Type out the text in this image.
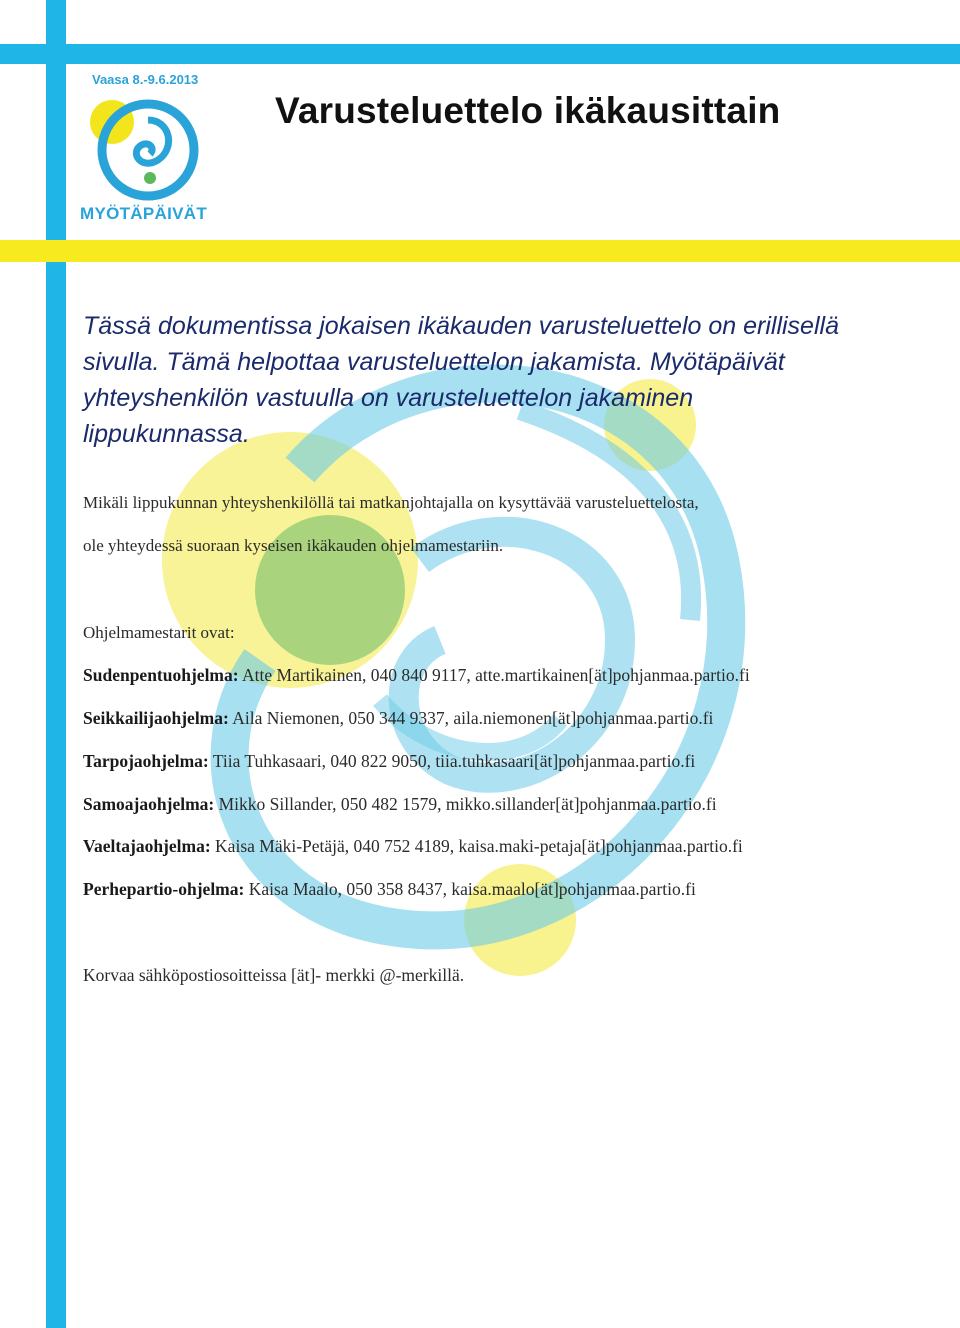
Vaasa 8.-9.6.2013
MYÖTÄPÄIVÄT
Varusteluettelo ikäkausittain

Tässä dokumentissa jokaisen ikäkauden varusteluettelo on erillisellä sivulla. Tämä helpottaa varusteluettelon jakamista. Myötäpäivät yhteyshenkilön vastuulla on varusteluettelon jakaminen lippukunnassa.

Mikäli lippukunnan yhteyshenkilöllä tai matkanjohtajalla on kysyttävää varusteluettelosta,

ole yhteydessä suoraan kyseisen ikäkauden ohjelmamestariin.

Ohjelmamestarit ovat:

Sudenpentuohjelma: Atte Martikainen, 040 840 9117, atte.martikainen[ät]pohjanmaa.partio.fi

Seikkailijaohjelma: Aila Niemonen, 050 344 9337, aila.niemonen[ät]pohjanmaa.partio.fi

Tarpojaohjelma: Tiia Tuhkasaari, 040 822 9050, tiia.tuhkasaari[ät]pohjanmaa.partio.fi

Samoajaohjelma: Mikko Sillander, 050 482 1579, mikko.sillander[ät]pohjanmaa.partio.fi

Vaeltajaohjelma: Kaisa Mäki-Petäjä, 040 752 4189, kaisa.maki-petaja[ät]pohjanmaa.partio.fi

Perhepartio-ohjelma: Kaisa Maalo, 050 358 8437, kaisa.maalo[ät]pohjanmaa.partio.fi

Korvaa sähköpostiosoitteissa [ät]- merkki @-merkillä.
